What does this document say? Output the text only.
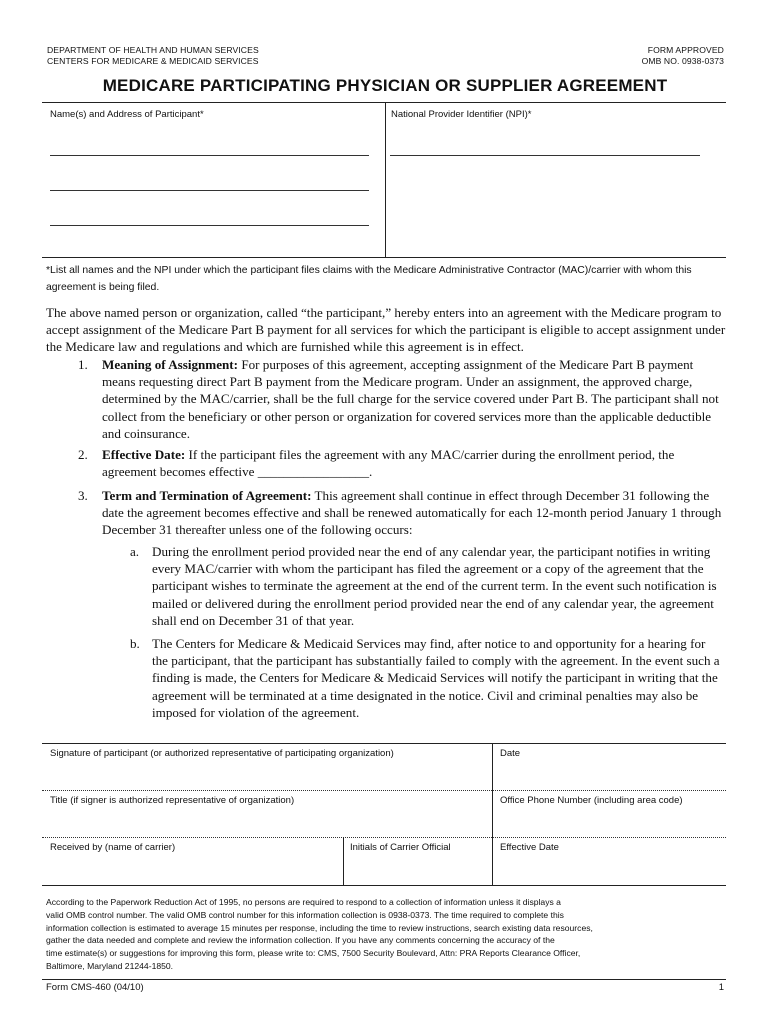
DEPARTMENT OF HEALTH AND HUMAN SERVICES
CENTERS FOR MEDICARE & MEDICAID SERVICES
FORM APPROVED
OMB NO. 0938-0373
MEDICARE PARTICIPATING PHYSICIAN OR SUPPLIER AGREEMENT
Name(s) and Address of Participant*	National Provider Identifier (NPI)*
*List all names and the NPI under which the participant files claims with the Medicare Administrative Contractor (MAC)/carrier with whom this agreement is being filed.
The above named person or organization, called “the participant,” hereby enters into an agreement with the Medicare program to accept assignment of the Medicare Part B payment for all services for which the participant is eligible to accept assignment under the Medicare law and regulations and which are furnished while this agreement is in effect.
1. Meaning of Assignment: For purposes of this agreement, accepting assignment of the Medicare Part B payment means requesting direct Part B payment from the Medicare program. Under an assignment, the approved charge, determined by the MAC/carrier, shall be the full charge for the service covered under Part B. The participant shall not collect from the beneficiary or other person or organization for covered services more than the applicable deductible and coinsurance.
2. Effective Date: If the participant files the agreement with any MAC/carrier during the enrollment period, the agreement becomes effective _________________.
3. Term and Termination of Agreement: This agreement shall continue in effect through December 31 following the date the agreement becomes effective and shall be renewed automatically for each 12-month period January 1 through December 31 thereafter unless one of the following occurs:
a. During the enrollment period provided near the end of any calendar year, the participant notifies in writing every MAC/carrier with whom the participant has filed the agreement or a copy of the agreement that the participant wishes to terminate the agreement at the end of the current term. In the event such notification is mailed or delivered during the enrollment period provided near the end of any calendar year, the agreement shall end on December 31 of that year.
b. The Centers for Medicare & Medicaid Services may find, after notice to and opportunity for a hearing for the participant, that the participant has substantially failed to comply with the agreement. In the event such a finding is made, the Centers for Medicare & Medicaid Services will notify the participant in writing that the agreement will be terminated at a time designated in the notice. Civil and criminal penalties may also be imposed for violation of the agreement.
Signature of participant (or authorized representative of participating organization)	Date
Title (if signer is authorized representative of organization)	Office Phone Number (including area code)
Received by (name of carrier)	Initials of Carrier Official	Effective Date
According to the Paperwork Reduction Act of 1995, no persons are required to respond to a collection of information unless it displays a
valid OMB control number. The valid OMB control number for this information collection is 0938-0373. The time required to complete this
information collection is estimated to average 15 minutes per response, including the time to review instructions, search existing data resources,
gather the data needed and complete and review the information collection. If you have any comments concerning the accuracy of the
time estimate(s) or suggestions for improving this form, please write to: CMS, 7500 Security Boulevard, Attn: PRA Reports Clearance Officer,
Baltimore, Maryland 21244-1850.
Form CMS-460 (04/10)	1
